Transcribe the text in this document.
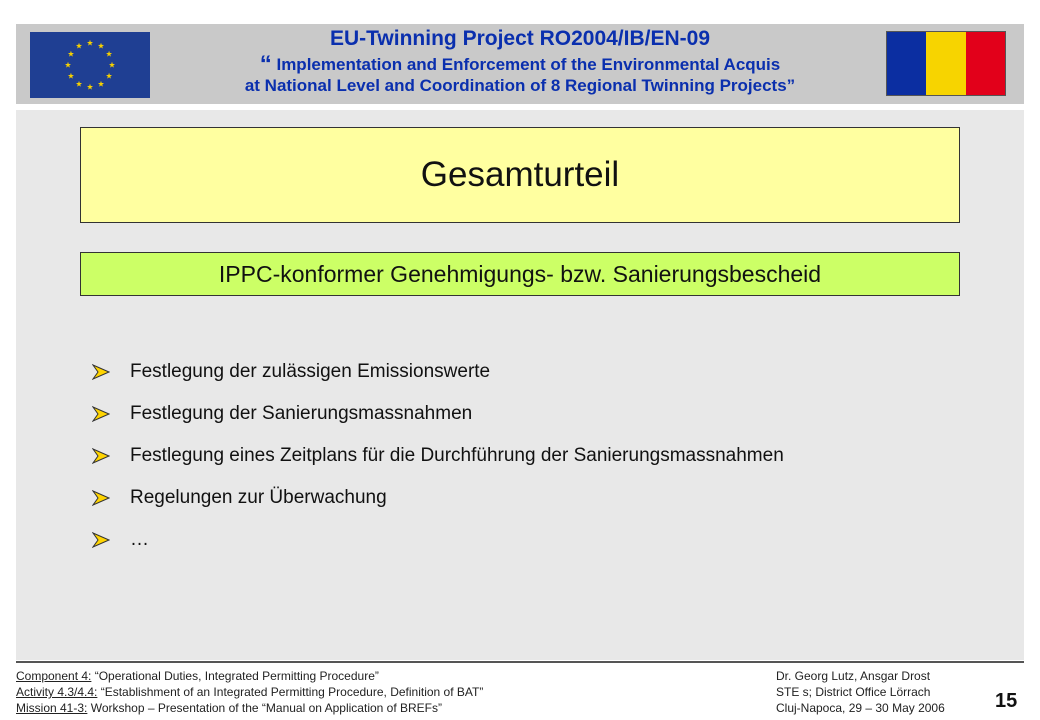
EU-Twinning Project RO2004/IB/EN-09
“ Implementation and Enforcement of the Environmental Acquis
at National Level and Coordination of 8 Regional Twinning Projects”
Gesamturteil
IPPC-konformer Genehmigungs- bzw. Sanierungsbescheid
Festlegung der zulässigen Emissionswerte
Festlegung der Sanierungsmassnahmen
Festlegung eines Zeitplans für die Durchführung der Sanierungsmassnahmen
Regelungen zur Überwachung
…
Component 4: “Operational Duties, Integrated Permitting Procedure”
Activity 4.3/4.4: “Establishment of an Integrated Permitting Procedure, Definition of BAT”
Mission 41-3: Workshop – Presentation of the “Manual on Application of BREFs”
Dr. Georg Lutz, Ansgar Drost
STE s; District Office Lörrach
Cluj-Napoca, 29 – 30 May 2006	15
